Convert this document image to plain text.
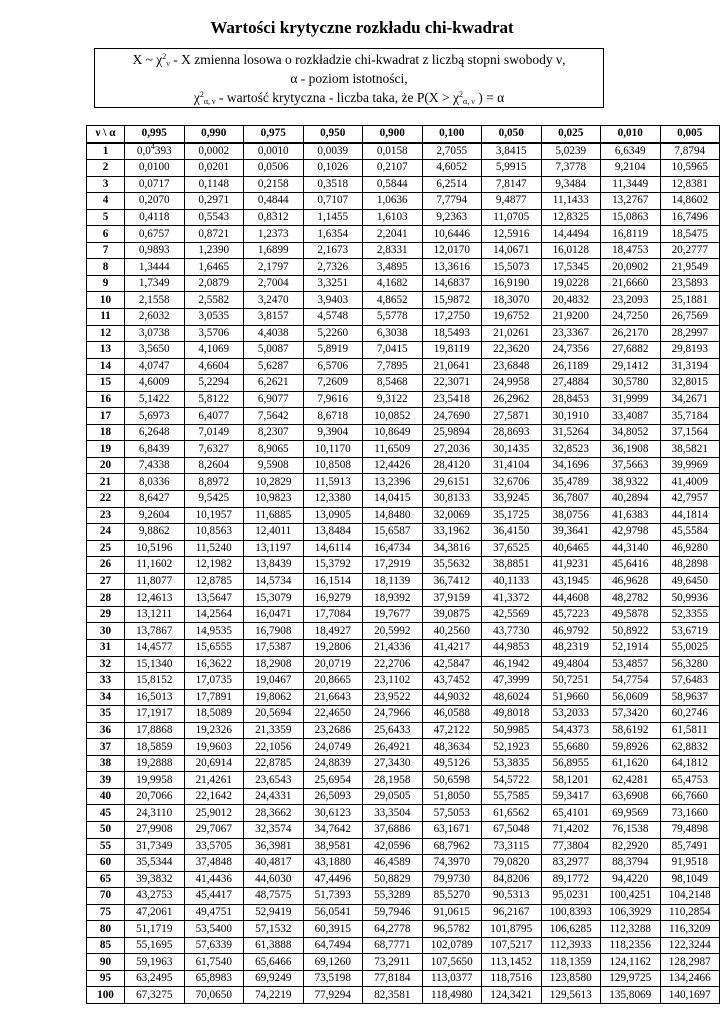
Wartości krytyczne rozkładu chi-kwadrat
X ~ $\chi^2_\nu$ - X zmienna losowa o rozkładzie chi-kwadrat z liczbą stopni swobody ν,
α - poziom istotności,
$\chi^2_{\alpha, \nu}$ - wartość krytyczna - liczba taka, że $P(X > \chi^2_{\alpha, \nu}$ ) = α
ν \ α	0,995	0,990	0,975	0,950	0,900	0,100	0,050	0,025	0,010	0,005
1	$0,0^4393$	0,0002	0,0010	0,0039	0,0158	2,7055	3,8415	5,0239	6,6349	7,8794
2	0,0100	0,0201	0,0506	0,1026	0,2107	4,6052	5,9915	7,3778	9,2104	10,5965
3	0,0717	0,1148	0,2158	0,3518	0,5844	6,2514	7,8147	9,3484	11,3449	12,8381
4	0,2070	0,2971	0,4844	0,7107	1,0636	7,7794	9,4877	11,1433	13,2767	14,8602
5	0,4118	0,5543	0,8312	1,1455	1,6103	9,2363	11,0705	12,8325	15,0863	16,7496
6	0,6757	0,8721	1,2373	1,6354	2,2041	10,6446	12,5916	14,4494	16,8119	18,5475
7	0,9893	1,2390	1,6899	2,1673	2,8331	12,0170	14,0671	16,0128	18,4753	20,2777
8	1,3444	1,6465	2,1797	2,7326	3,4895	13,3616	15,5073	17,5345	20,0902	21,9549
9	1,7349	2,0879	2,7004	3,3251	4,1682	14,6837	16,9190	19,0228	21,6660	23,5893
10	2,1558	2,5582	3,2470	3,9403	4,8652	15,9872	18,3070	20,4832	23,2093	25,1881
11	2,6032	3,0535	3,8157	4,5748	5,5778	17,2750	19,6752	21,9200	24,7250	26,7569
12	3,0738	3,5706	4,4038	5,2260	6,3038	18,5493	21,0261	23,3367	26,2170	28,2997
13	3,5650	4,1069	5,0087	5,8919	7,0415	19,8119	22,3620	24,7356	27,6882	29,8193
14	4,0747	4,6604	5,6287	6,5706	7,7895	21,0641	23,6848	26,1189	29,1412	31,3194
15	4,6009	5,2294	6,2621	7,2609	8,5468	22,3071	24,9958	27,4884	30,5780	32,8015
16	5,1422	5,8122	6,9077	7,9616	9,3122	23,5418	26,2962	28,8453	31,9999	34,2671
17	5,6973	6,4077	7,5642	8,6718	10,0852	24,7690	27,5871	30,1910	33,4087	35,7184
18	6,2648	7,0149	8,2307	9,3904	10,8649	25,9894	28,8693	31,5264	34,8052	37,1564
19	6,8439	7,6327	8,9065	10,1170	11,6509	27,2036	30,1435	32,8523	36,1908	38,5821
20	7,4338	8,2604	9,5908	10,8508	12,4426	28,4120	31,4104	34,1696	37,5663	39,9969
21	8,0336	8,8972	10,2829	11,5913	13,2396	29,6151	32,6706	35,4789	38,9322	41,4009
22	8,6427	9,5425	10,9823	12,3380	14,0415	30,8133	33,9245	36,7807	40,2894	42,7957
23	9,2604	10,1957	11,6885	13,0905	14,8480	32,0069	35,1725	38,0756	41,6383	44,1814
24	9,8862	10,8563	12,4011	13,8484	15,6587	33,1962	36,4150	39,3641	42,9798	45,5584
25	10,5196	11,5240	13,1197	14,6114	16,4734	34,3816	37,6525	40,6465	44,3140	46,9280
26	11,1602	12,1982	13,8439	15,3792	17,2919	35,5632	38,8851	41,9231	45,6416	48,2898
27	11,8077	12,8785	14,5734	16,1514	18,1139	36,7412	40,1133	43,1945	46,9628	49,6450
28	12,4613	13,5647	15,3079	16,9279	18,9392	37,9159	41,3372	44,4608	48,2782	50,9936
29	13,1211	14,2564	16,0471	17,7084	19,7677	39,0875	42,5569	45,7223	49,5878	52,3355
30	13,7867	14,9535	16,7908	18,4927	20,5992	40,2560	43,7730	46,9792	50,8922	53,6719
31	14,4577	15,6555	17,5387	19,2806	21,4336	41,4217	44,9853	48,2319	52,1914	55,0025
32	15,1340	16,3622	18,2908	20,0719	22,2706	42,5847	46,1942	49,4804	53,4857	56,3280
33	15,8152	17,0735	19,0467	20,8665	23,1102	43,7452	47,3999	50,7251	54,7754	57,6483
34	16,5013	17,7891	19,8062	21,6643	23,9522	44,9032	48,6024	51,9660	56,0609	58,9637
35	17,1917	18,5089	20,5694	22,4650	24,7966	46,0588	49,8018	53,2033	57,3420	60,2746
36	17,8868	19,2326	21,3359	23,2686	25,6433	47,2122	50,9985	54,4373	58,6192	61,5811
37	18,5859	19,9603	22,1056	24,0749	26,4921	48,3634	52,1923	55,6680	59,8926	62,8832
38	19,2888	20,6914	22,8785	24,8839	27,3430	49,5126	53,3835	56,8955	61,1620	64,1812
39	19,9958	21,4261	23,6543	25,6954	28,1958	50,6598	54,5722	58,1201	62,4281	65,4753
40	20,7066	22,1642	24,4331	26,5093	29,0505	51,8050	55,7585	59,3417	63,6908	66,7660
45	24,3110	25,9012	28,3662	30,6123	33,3504	57,5053	61,6562	65,4101	69,9569	73,1660
50	27,9908	29,7067	32,3574	34,7642	37,6886	63,1671	67,5048	71,4202	76,1538	79,4898
55	31,7349	33,5705	36,3981	38,9581	42,0596	68,7962	73,3115	77,3804	82,2920	85,7491
60	35,5344	37,4848	40,4817	43,1880	46,4589	74,3970	79,0820	83,2977	88,3794	91,9518
65	39,3832	41,4436	44,6030	47,4496	50,8829	79,9730	84,8206	89,1772	94,4220	98,1049
70	43,2753	45,4417	48,7575	51,7393	55,3289	85,5270	90,5313	95,0231	100,4251	104,2148
75	47,2061	49,4751	52,9419	56,0541	59,7946	91,0615	96,2167	100,8393	106,3929	110,2854
80	51,1719	53,5400	57,1532	60,3915	64,2778	96,5782	101,8795	106,6285	112,3288	116,3209
85	55,1695	57,6339	61,3888	64,7494	68,7771	102,0789	107,5217	112,3933	118,2356	122,3244
90	59,1963	61,7540	65,6466	69,1260	73,2911	107,5650	113,1452	118,1359	124,1162	128,2987
95	63,2495	65,8983	69,9249	73,5198	77,8184	113,0377	118,7516	123,8580	129,9725	134,2466
100	67,3275	70,0650	74,2219	77,9294	82,3581	118,4980	124,3421	129,5613	135,8069	140,1697
